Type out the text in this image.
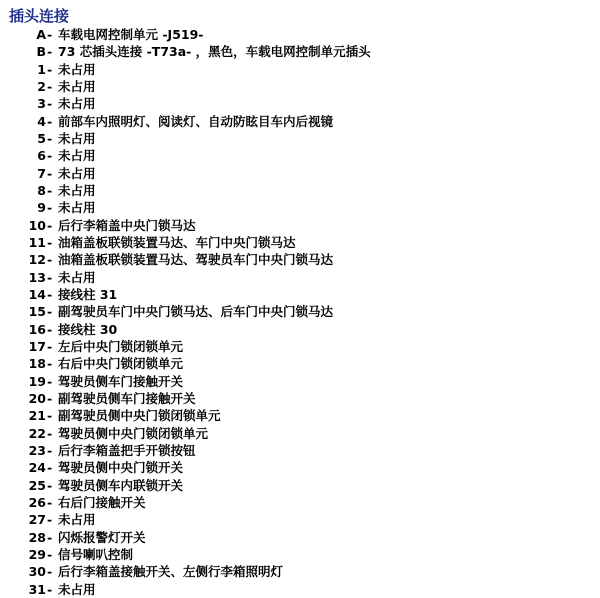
插头连接
A - 车载电网控制单元 -J519-
B - 73 芯插头连接 -T73a- ，黑色，车载电网控制单元插头
1 - 未占用
2 - 未占用
3 - 未占用
4 - 前部车内照明灯、阅读灯、自动防眩目车内后视镜
5 - 未占用
6 - 未占用
7 - 未占用
8 - 未占用
9 - 未占用
10 - 后行李箱盖中央门锁马达
11 - 油箱盖板联锁装置马达、车门中央门锁马达
12 - 油箱盖板联锁装置马达、驾驶员车门中央门锁马达
13 - 未占用
14 - 接线柱 31
15 - 副驾驶员车门中央门锁马达、后车门中央门锁马达
16 - 接线柱 30
17 - 左后中央门锁闭锁单元
18 - 右后中央门锁闭锁单元
19 - 驾驶员侧车门接触开关
20 - 副驾驶员侧车门接触开关
21 - 副驾驶员侧中央门锁闭锁单元
22 - 驾驶员侧中央门锁闭锁单元
23 - 后行李箱盖把手开锁按钮
24 - 驾驶员侧中央门锁开关
25 - 驾驶员侧车内联锁开关
26 - 右后门接触开关
27 - 未占用
28 - 闪烁报警灯开关
29 - 信号喇叭控制
30 - 后行李箱盖接触开关、左侧行李箱照明灯
31 - 未占用
